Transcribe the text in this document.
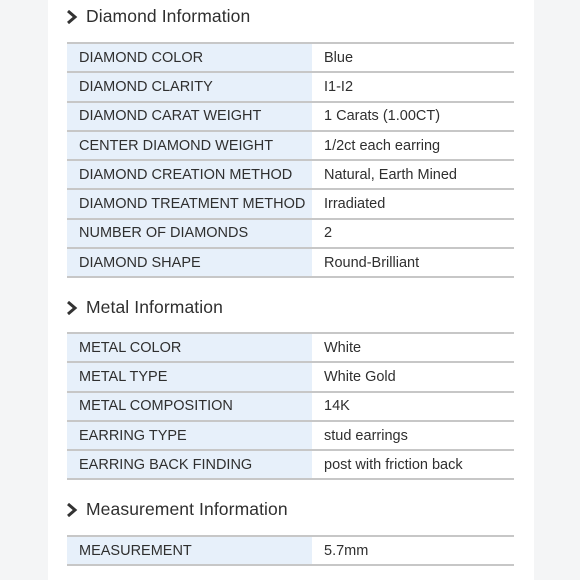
Diamond Information
DIAMOND COLOR	Blue
DIAMOND CLARITY	I1-I2
DIAMOND CARAT WEIGHT	1 Carats (1.00CT)
CENTER DIAMOND WEIGHT	1/2ct each earring
DIAMOND CREATION METHOD	Natural, Earth Mined
DIAMOND TREATMENT METHOD	Irradiated
NUMBER OF DIAMONDS	2
DIAMOND SHAPE	Round-Brilliant
Metal Information
METAL COLOR	White
METAL TYPE	White Gold
METAL COMPOSITION	14K
EARRING TYPE	stud earrings
EARRING BACK FINDING	post with friction back
Measurement Information
MEASUREMENT	5.7mm
